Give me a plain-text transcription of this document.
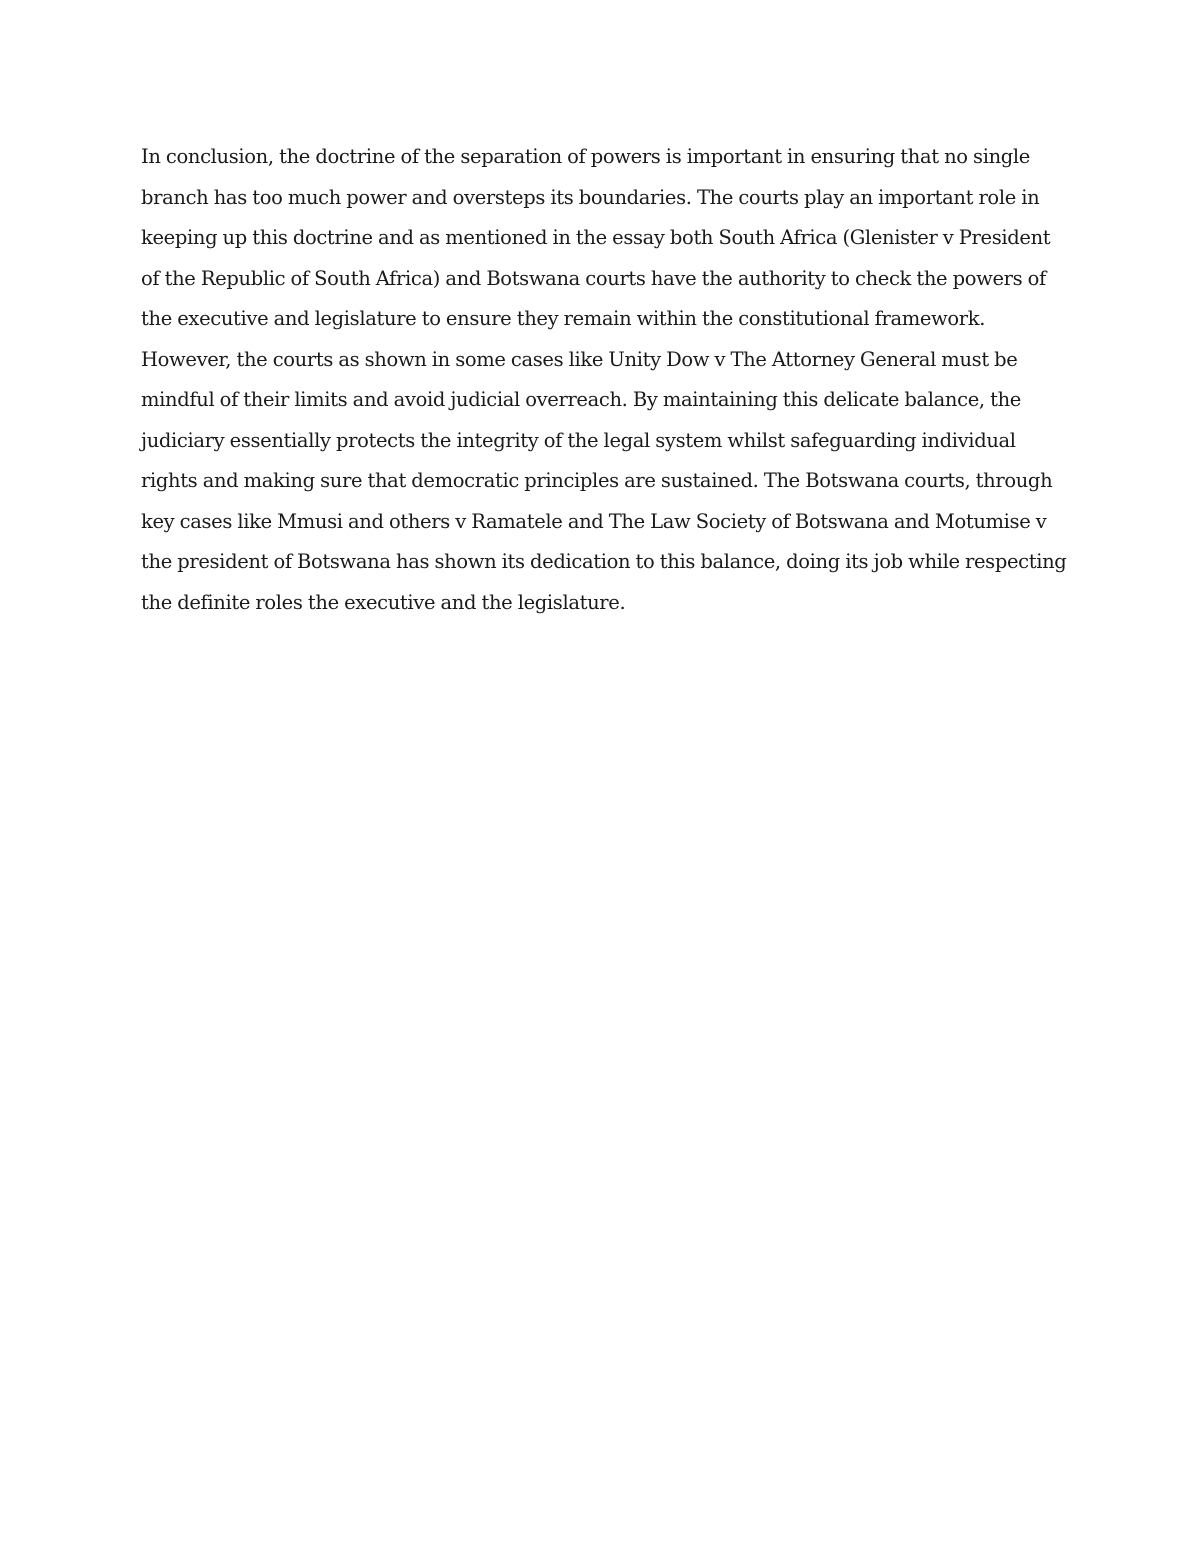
In conclusion, the doctrine of the separation of powers is important in ensuring that no single
branch has too much power and oversteps its boundaries. The courts play an important role in
keeping up this doctrine and as mentioned in the essay both South Africa (Glenister v President
of the Republic of South Africa) and Botswana courts have the authority to check the powers of
the executive and legislature to ensure they remain within the constitutional framework.
However, the courts as shown in some cases like Unity Dow v The Attorney General must be
mindful of their limits and avoid judicial overreach. By maintaining this delicate balance, the
judiciary essentially protects the integrity of the legal system whilst safeguarding individual
rights and making sure that democratic principles are sustained. The Botswana courts, through
key cases like Mmusi and others v Ramatele and The Law Society of Botswana and Motumise v
the president of Botswana has shown its dedication to this balance, doing its job while respecting
the definite roles the executive and the legislature.
